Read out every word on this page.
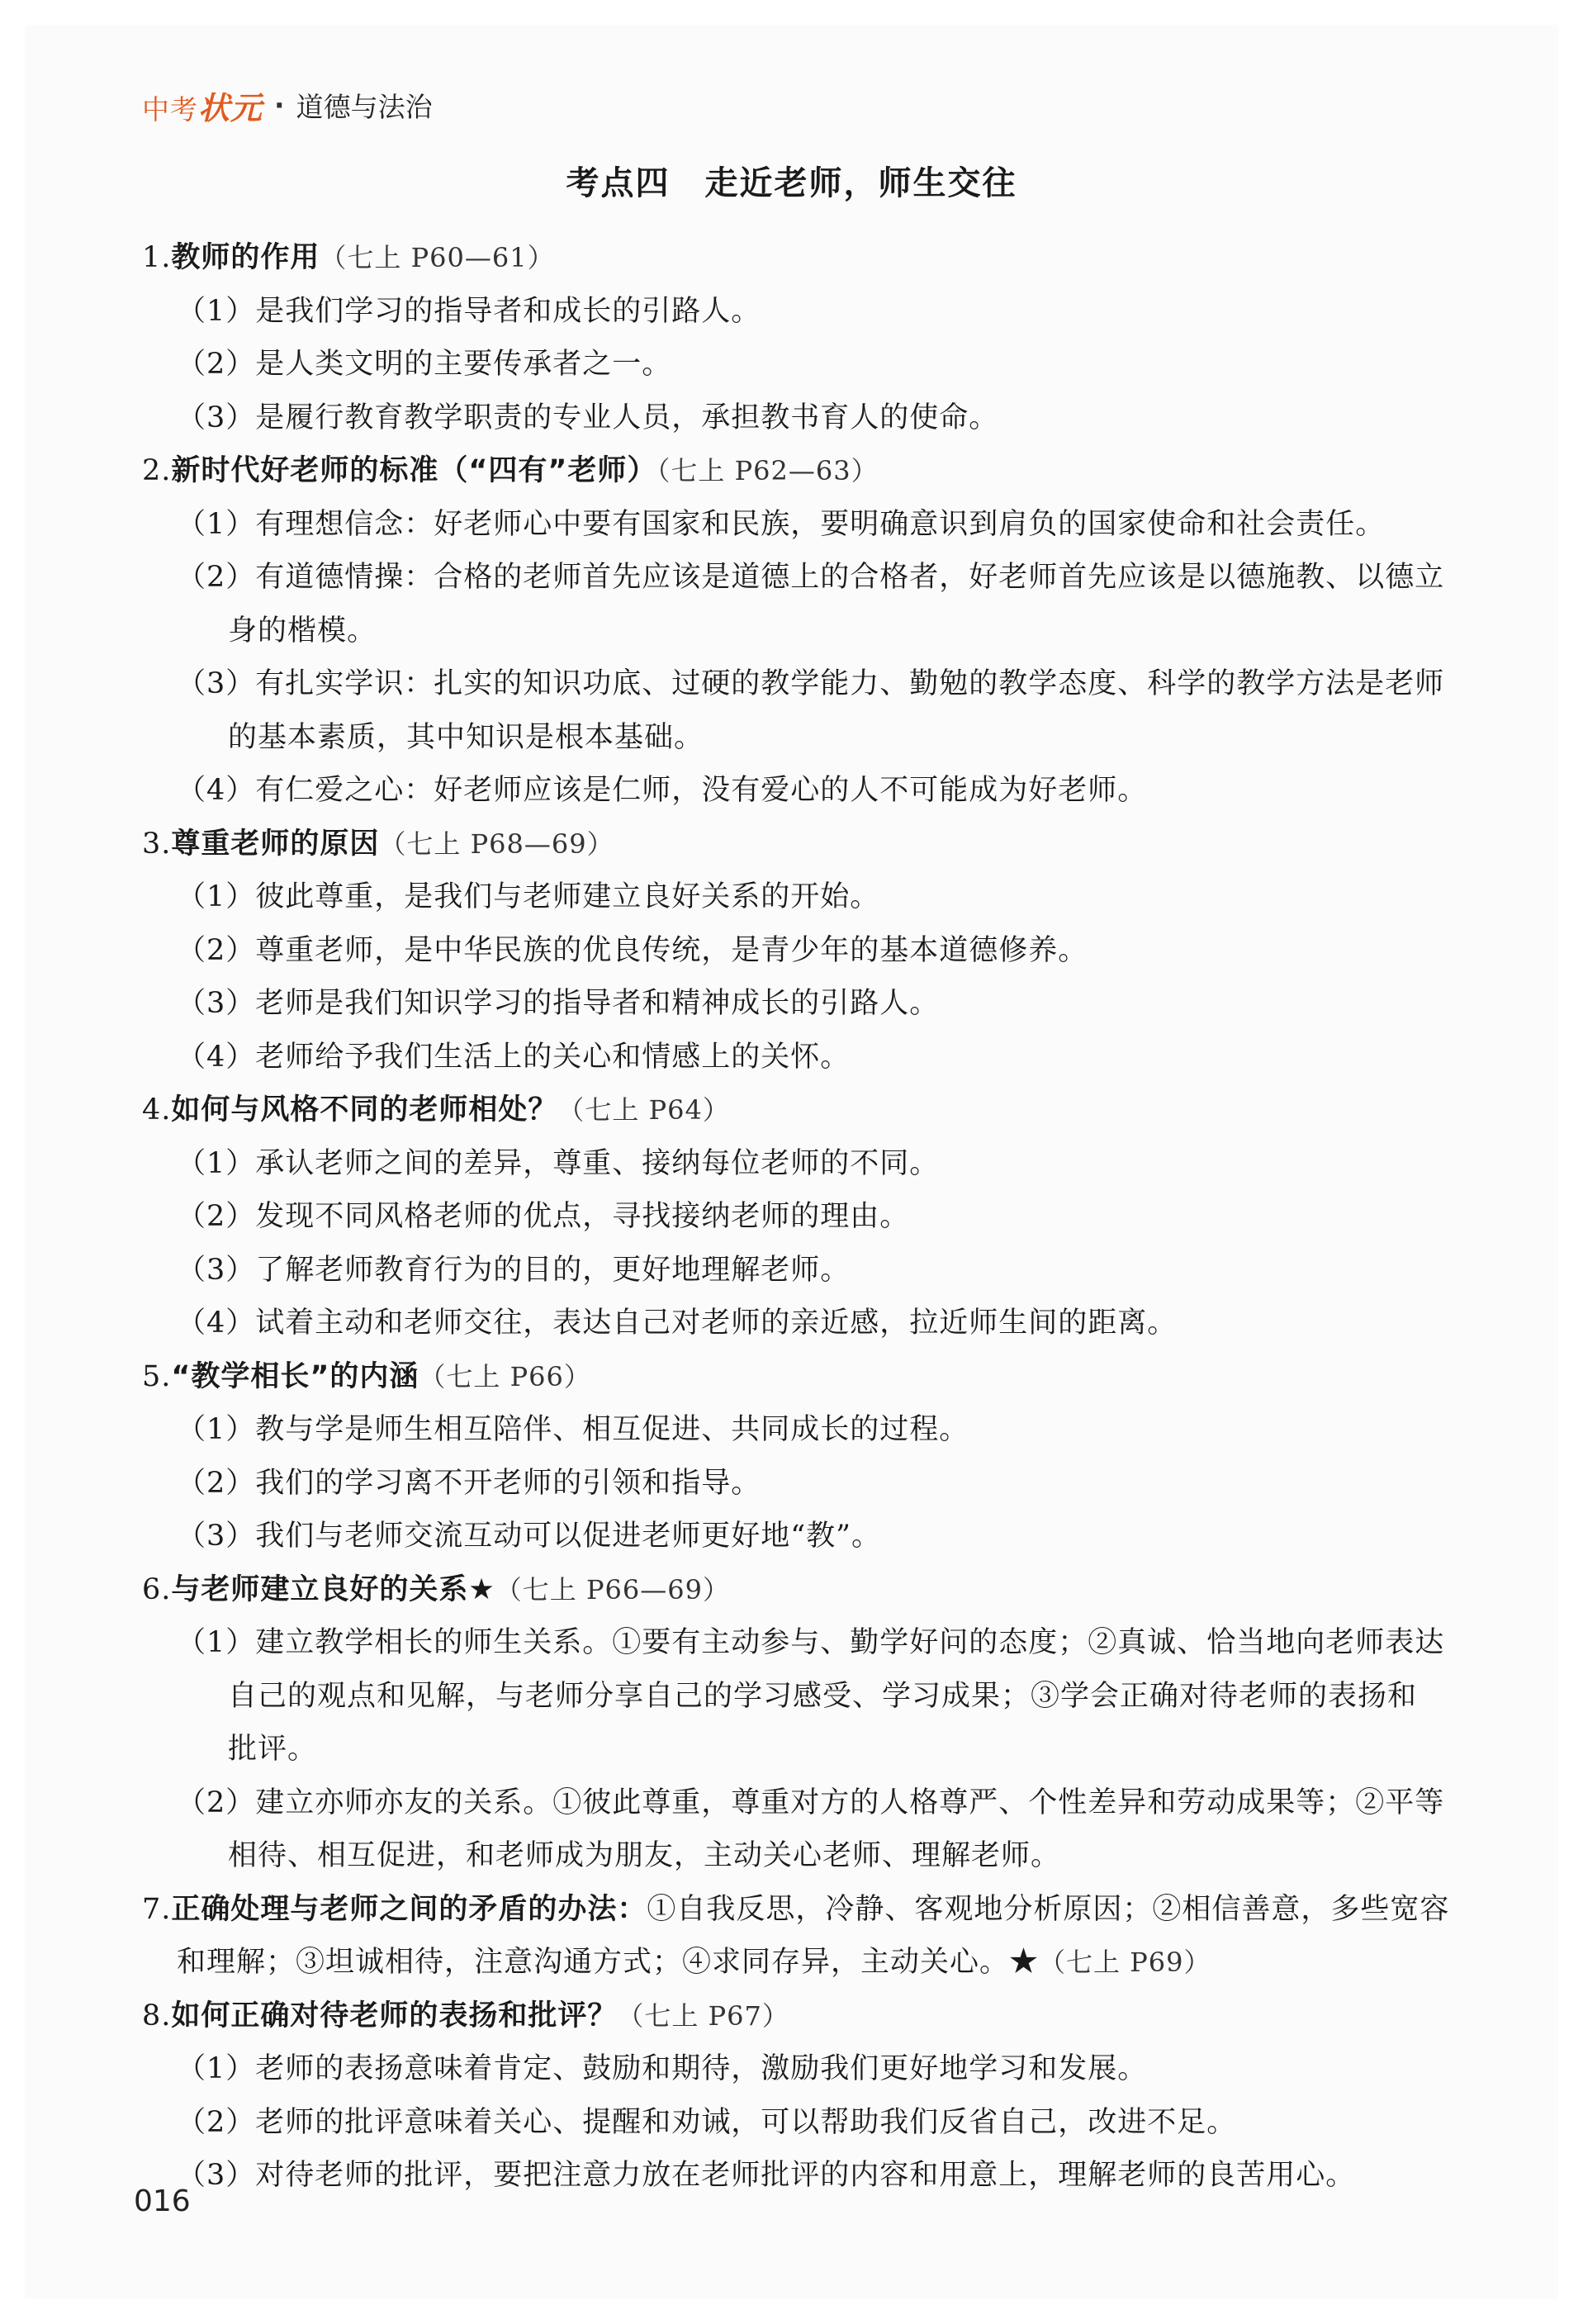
中考状元 · 道德与法治
考点四　走近老师，师生交往
1.教师的作用（七上 P60—61）
（1）是我们学习的指导者和成长的引路人。
（2）是人类文明的主要传承者之一。
（3）是履行教育教学职责的专业人员，承担教书育人的使命。
2.新时代好老师的标准（“四有”老师）（七上 P62—63）
（1）有理想信念：好老师心中要有国家和民族，要明确意识到肩负的国家使命和社会责任。
（2）有道德情操：合格的老师首先应该是道德上的合格者，好老师首先应该是以德施教、以德立
身的楷模。
（3）有扎实学识：扎实的知识功底、过硬的教学能力、勤勉的教学态度、科学的教学方法是老师
的基本素质，其中知识是根本基础。
（4）有仁爱之心：好老师应该是仁师，没有爱心的人不可能成为好老师。
3.尊重老师的原因（七上 P68—69）
（1）彼此尊重，是我们与老师建立良好关系的开始。
（2）尊重老师，是中华民族的优良传统，是青少年的基本道德修养。
（3）老师是我们知识学习的指导者和精神成长的引路人。
（4）老师给予我们生活上的关心和情感上的关怀。
4.如何与风格不同的老师相处？（七上 P64）
（1）承认老师之间的差异，尊重、接纳每位老师的不同。
（2）发现不同风格老师的优点，寻找接纳老师的理由。
（3）了解老师教育行为的目的，更好地理解老师。
（4）试着主动和老师交往，表达自己对老师的亲近感，拉近师生间的距离。
5.“教学相长”的内涵（七上 P66）
（1）教与学是师生相互陪伴、相互促进、共同成长的过程。
（2）我们的学习离不开老师的引领和指导。
（3）我们与老师交流互动可以促进老师更好地“教”。
6.与老师建立良好的关系★（七上 P66—69）
（1）建立教学相长的师生关系。①要有主动参与、勤学好问的态度；②真诚、恰当地向老师表达
自己的观点和见解，与老师分享自己的学习感受、学习成果；③学会正确对待老师的表扬和
批评。
（2）建立亦师亦友的关系。①彼此尊重，尊重对方的人格尊严、个性差异和劳动成果等；②平等
相待、相互促进，和老师成为朋友，主动关心老师、理解老师。
7.正确处理与老师之间的矛盾的办法：①自我反思，冷静、客观地分析原因；②相信善意，多些宽容
和理解；③坦诚相待，注意沟通方式；④求同存异，主动关心。★（七上 P69）
8.如何正确对待老师的表扬和批评？（七上 P67）
（1）老师的表扬意味着肯定、鼓励和期待，激励我们更好地学习和发展。
（2）老师的批评意味着关心、提醒和劝诫，可以帮助我们反省自己，改进不足。
（3）对待老师的批评，要把注意力放在老师批评的内容和用意上，理解老师的良苦用心。
016
